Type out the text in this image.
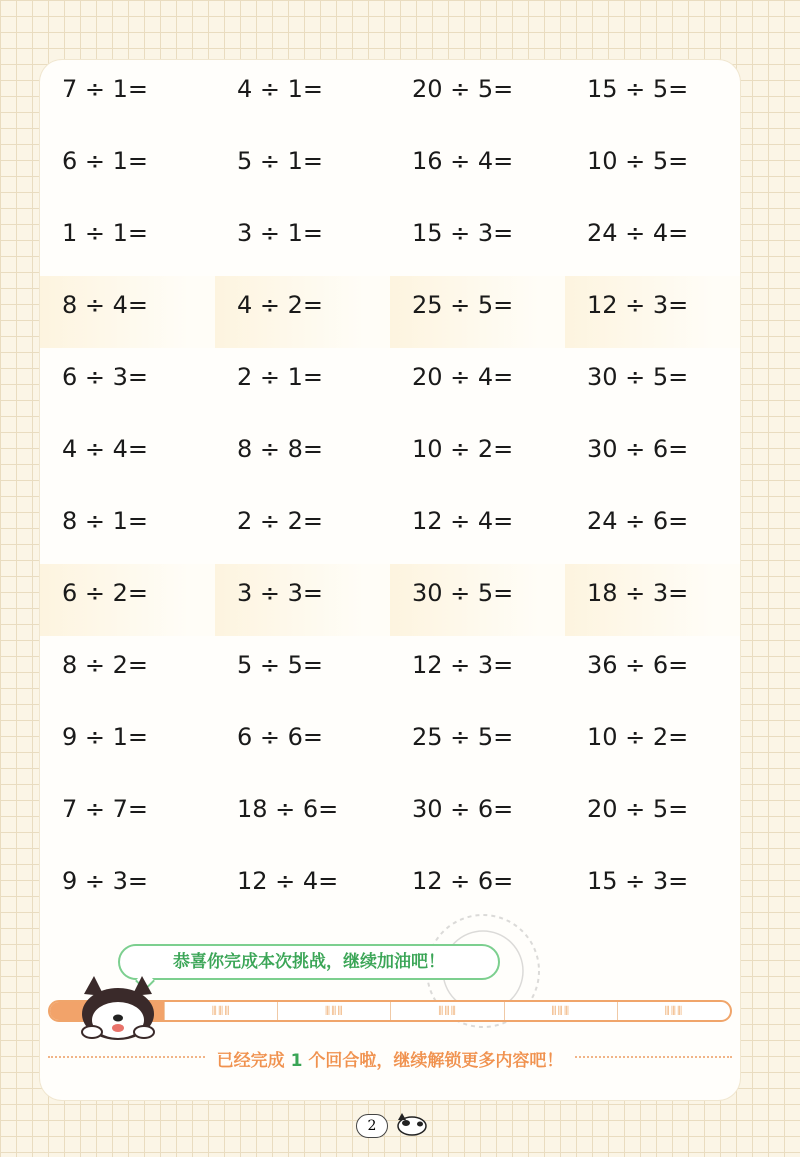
7 ÷ 1=	4 ÷ 1=	20 ÷ 5=	15 ÷ 5=
6 ÷ 1=	5 ÷ 1=	16 ÷ 4=	10 ÷ 5=
1 ÷ 1=	3 ÷ 1=	15 ÷ 3=	24 ÷ 4=
8 ÷ 4=	4 ÷ 2=	25 ÷ 5=	12 ÷ 3=
6 ÷ 3=	2 ÷ 1=	20 ÷ 4=	30 ÷ 5=
4 ÷ 4=	8 ÷ 8=	10 ÷ 2=	30 ÷ 6=
8 ÷ 1=	2 ÷ 2=	12 ÷ 4=	24 ÷ 6=
6 ÷ 2=	3 ÷ 3=	30 ÷ 5=	18 ÷ 3=
8 ÷ 2=	5 ÷ 5=	12 ÷ 3=	36 ÷ 6=
9 ÷ 1=	6 ÷ 6=	25 ÷ 5=	10 ÷ 2=
7 ÷ 7=	18 ÷ 6=	30 ÷ 6=	20 ÷ 5=
9 ÷ 3=	12 ÷ 4=	12 ÷ 6=	15 ÷ 3=
恭喜你完成本次挑战，继续加油吧！
⦀⦀⦀	⦀⦀⦀	⦀⦀⦀	⦀⦀⦀	⦀⦀⦀
已经完成 1 个回合啦，继续解锁更多内容吧！
2
